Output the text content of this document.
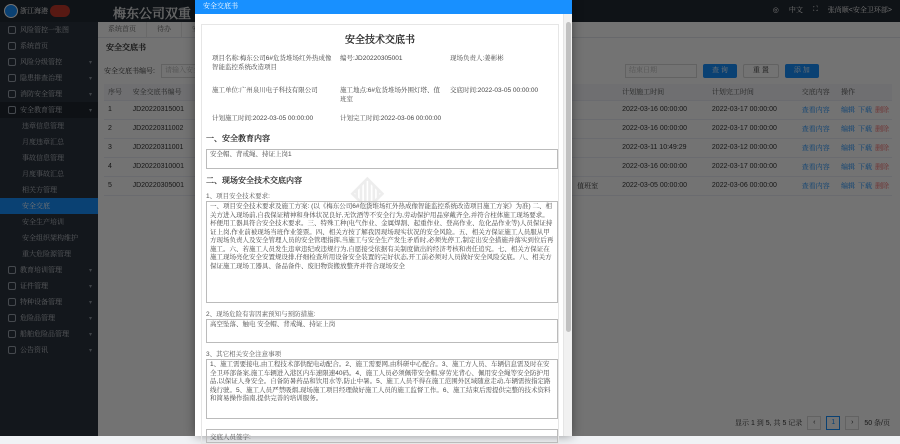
安全交底书
▨
安全技术交底书
项目名称:梅东公司6#危货堆场红外热成像智能监控系统改造项目
编号:JD20220305001	现场负责人:姜彬彬
施工单位:广州泉川电子科技有限公司	施工地点:6#危货堆场外围灯塔、值班室
交底时间:2022-03-05 00:00:00
计划施工时间:2022-03-05 00:00:00	计划完工时间:2022-03-06 00:00:00
一、安全教育内容
安全帽、背戒绳、持证上岗1
二、现场安全技术交底内容
1、项目安全技术要求:
一、项目安全技术要求及施工方案: (以《梅东公司6#危货堆场红外热成像智能监控系统改造项目施工方案》为准) 二、相关方进入现场前,自我保证精神和身体状况良好,无饮酒等不安全行为,劳动保护用品穿戴齐全,并符合柱体施工现场要求。杯便用工器具符合安全技术要求。三、特殊工种(电气作业、金属焊割、起重作业、登高作业、危化品作业等)人员保证持证上岗,作业前被现场当班作业签票。四、相关方按了解我因现场现实状况的安全风险。五、相关方保证施工人员服从甲方现场负责人及安全管理人员的安全管理指挥,当施工与安全生产发生矛盾时,必须先停工,制定出安全措施并落实到位后再施工。六、若施工人员发生违章违纪或违规行为,自愿接受依据有关制度做出的经济考核和责任追究。七、相关方保证在施工现场亮化安全安置规设排,仔细检查所用设备安全装置的完好状态,开工前必须对人员做好安全风险交底。八、相关方保证施工现场工器具、备品备件、废旧物资搬放整齐并符合现场安全
2、现场危险有害因素预知与预防措施:
高空坠落、触电 安全帽、背戒绳、持证上岗
3、其它相关安全注意事项
1、施工需要接电,由工程技术部供配电动配合。2、施工需要网,由科研中心配合。3、施工方人员、车辆信息需及时在安全卫环部备案,施工车辆进入港区内车速限速40码。4、施工人员必须佩带安全帽,穿劳光背心、佩用安全绳等安全防护用品,以保证人身安全。自备防暑药品和饮用水等,防止中暑。5、施工人员不得在施工范围外区域随意走动,车辆需按指定路线行驶。5、施工人员严禁吸烟,现场施工项目经理做好施工人员的施工监督工作。6、施工结束后需提供完整的技术资料和简易操作指南,提供完善的培训服务。
交底人员签字:
